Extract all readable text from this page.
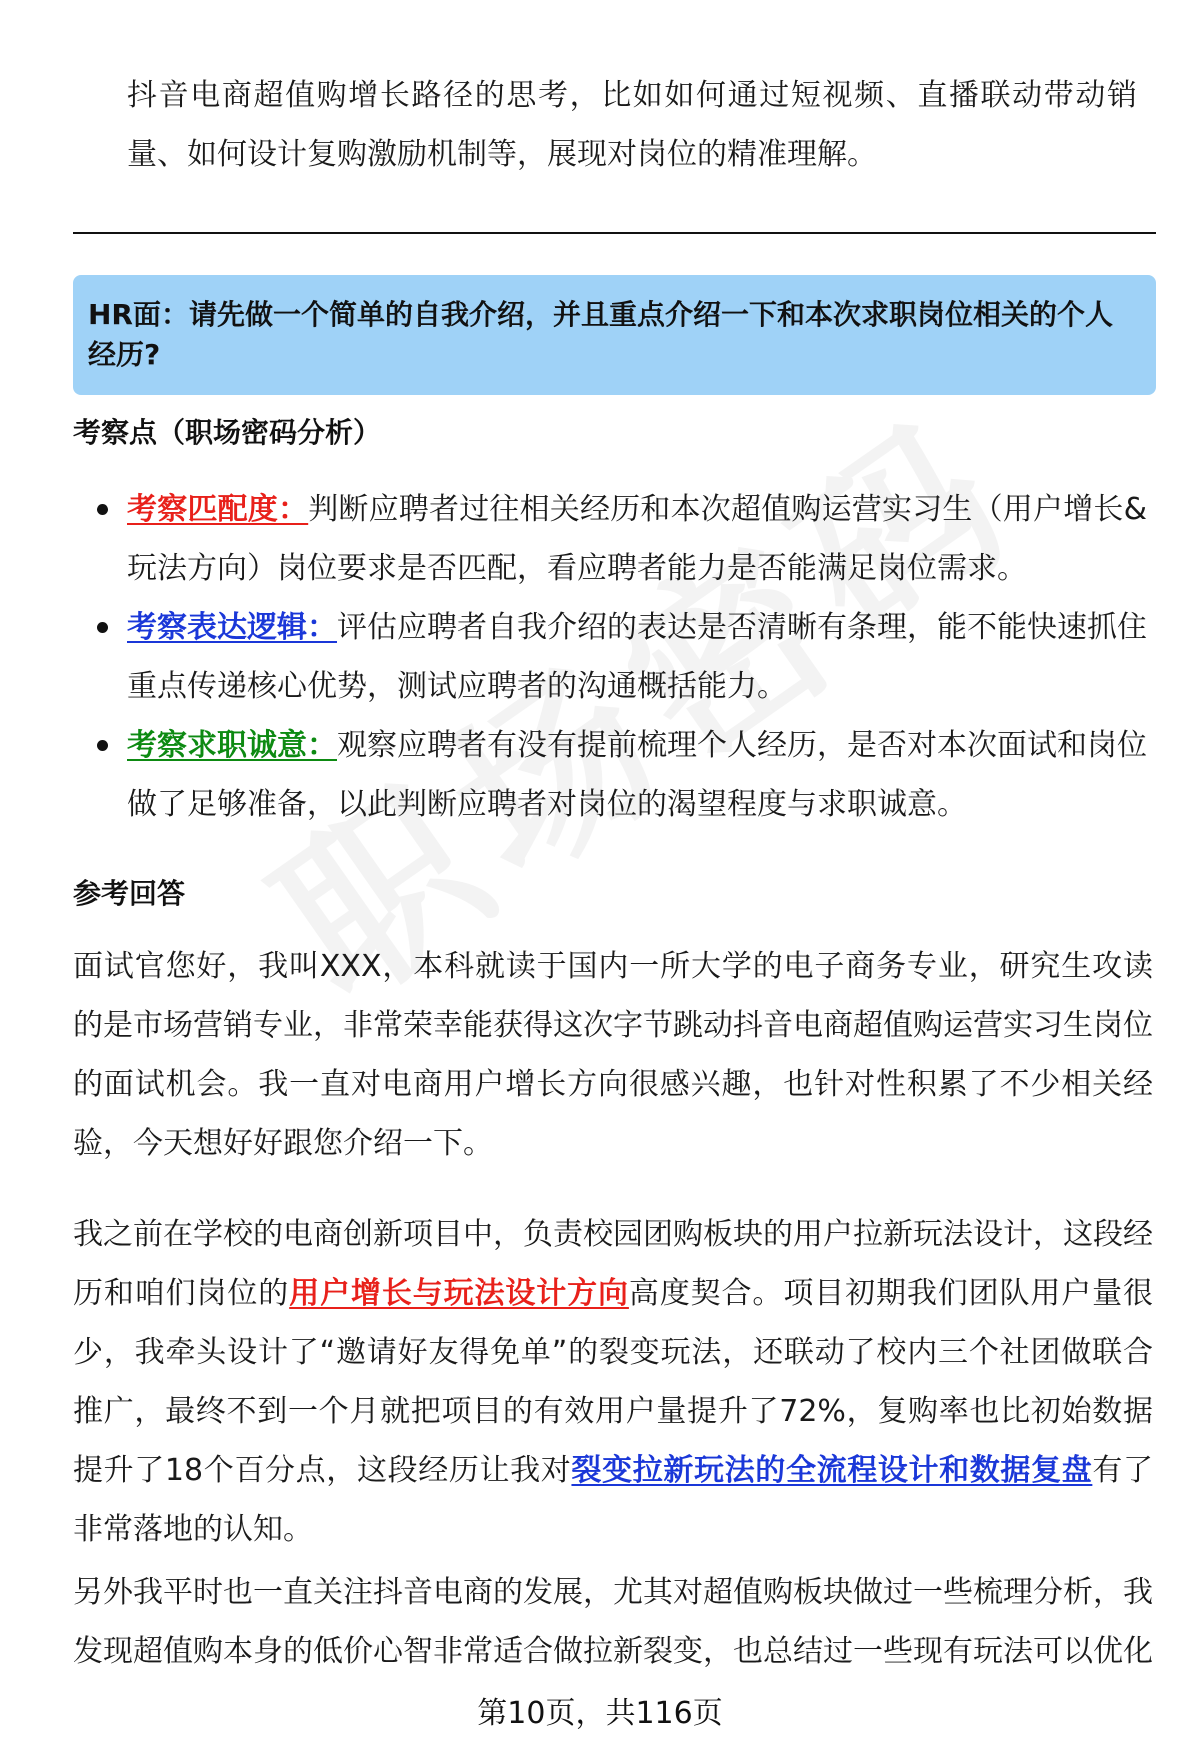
抖音电商超值购增长路径的思考，比如如何通过短视频、直播联动带动销量、如何设计复购激励机制等，展现对岗位的精准理解。

HR面：请先做一个简单的自我介绍，并且重点介绍一下和本次求职岗位相关的个人经历?

考察点（职场密码分析）

考察匹配度：判断应聘者过往相关经历和本次超值购运营实习生（用户增长&玩法方向）岗位要求是否匹配，看应聘者能力是否能满足岗位需求。
考察表达逻辑：评估应聘者自我介绍的表达是否清晰有条理，能不能快速抓住重点传递核心优势，测试应聘者的沟通概括能力。
考察求职诚意：观察应聘者有没有提前梳理个人经历，是否对本次面试和岗位做了足够准备，以此判断应聘者对岗位的渴望程度与求职诚意。

参考回答

面试官您好，我叫XXX，本科就读于国内一所大学的电子商务专业，研究生攻读的是市场营销专业，非常荣幸能获得这次字节跳动抖音电商超值购运营实习生岗位的面试机会。我一直对电商用户增长方向很感兴趣，也针对性积累了不少相关经验，今天想好好跟您介绍一下。

我之前在学校的电商创新项目中，负责校园团购板块的用户拉新玩法设计，这段经历和咱们岗位的用户增长与玩法设计方向高度契合。项目初期我们团队用户量很少，我牵头设计了“邀请好友得免单”的裂变玩法，还联动了校内三个社团做联合推广，最终不到一个月就把项目的有效用户量提升了72%，复购率也比初始数据提升了18个百分点，这段经历让我对裂变拉新玩法的全流程设计和数据复盘有了非常落地的认知。

另外我平时也一直关注抖音电商的发展，尤其对超值购板块做过一些梳理分析，我发现超值购本身的低价心智非常适合做拉新裂变，也总结过一些现有玩法可以优化

第10页，共116页
